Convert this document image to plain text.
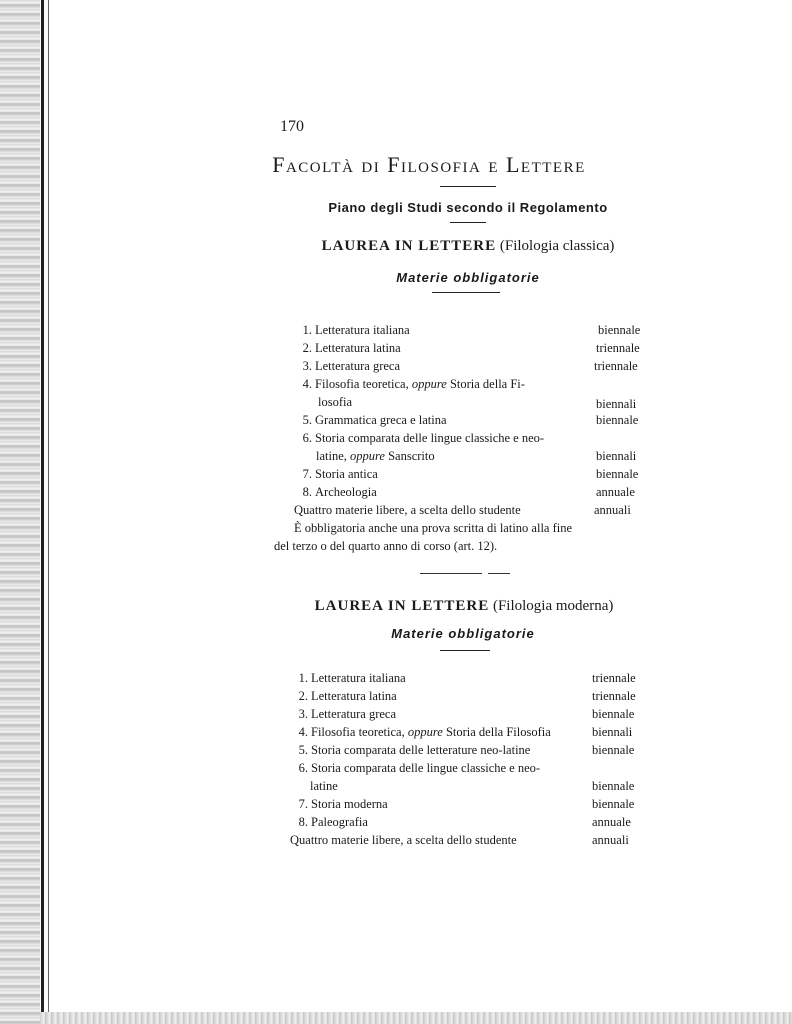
170
Facoltà di Filosofia e Lettere
Piano degli Studi secondo il Regolamento
LAUREA IN LETTERE (Filologia classica)
Materie obbligatorie
1. Letteratura italiana	biennale
2. Letteratura latina	triennale
3. Letteratura greca	triennale
4. Filosofia teoretica, oppure Storia della Fi-
losofia	biennali
5. Grammatica greca e latina	biennale
6. Storia comparata delle lingue classiche e neo-
latine, oppure Sanscrito	biennali
7. Storia antica	biennale
8. Archeologia	annuale
Quattro materie libere, a scelta dello studente	annuali
È obbligatoria anche una prova scritta di latino alla fine
del terzo o del quarto anno di corso (art. 12).
LAUREA IN LETTERE (Filologia moderna)
Materie obbligatorie
1. Letteratura italiana	triennale
2. Letteratura latina	triennale
3. Letteratura greca	biennale
4. Filosofia teoretica, oppure Storia della Filosofia	biennali
5. Storia comparata delle letterature neo-latine	biennale
6. Storia comparata delle lingue classiche e neo-
latine	biennale
7. Storia moderna	biennale
8. Paleografia	annuale
Quattro materie libere, a scelta dello studente	annuali
